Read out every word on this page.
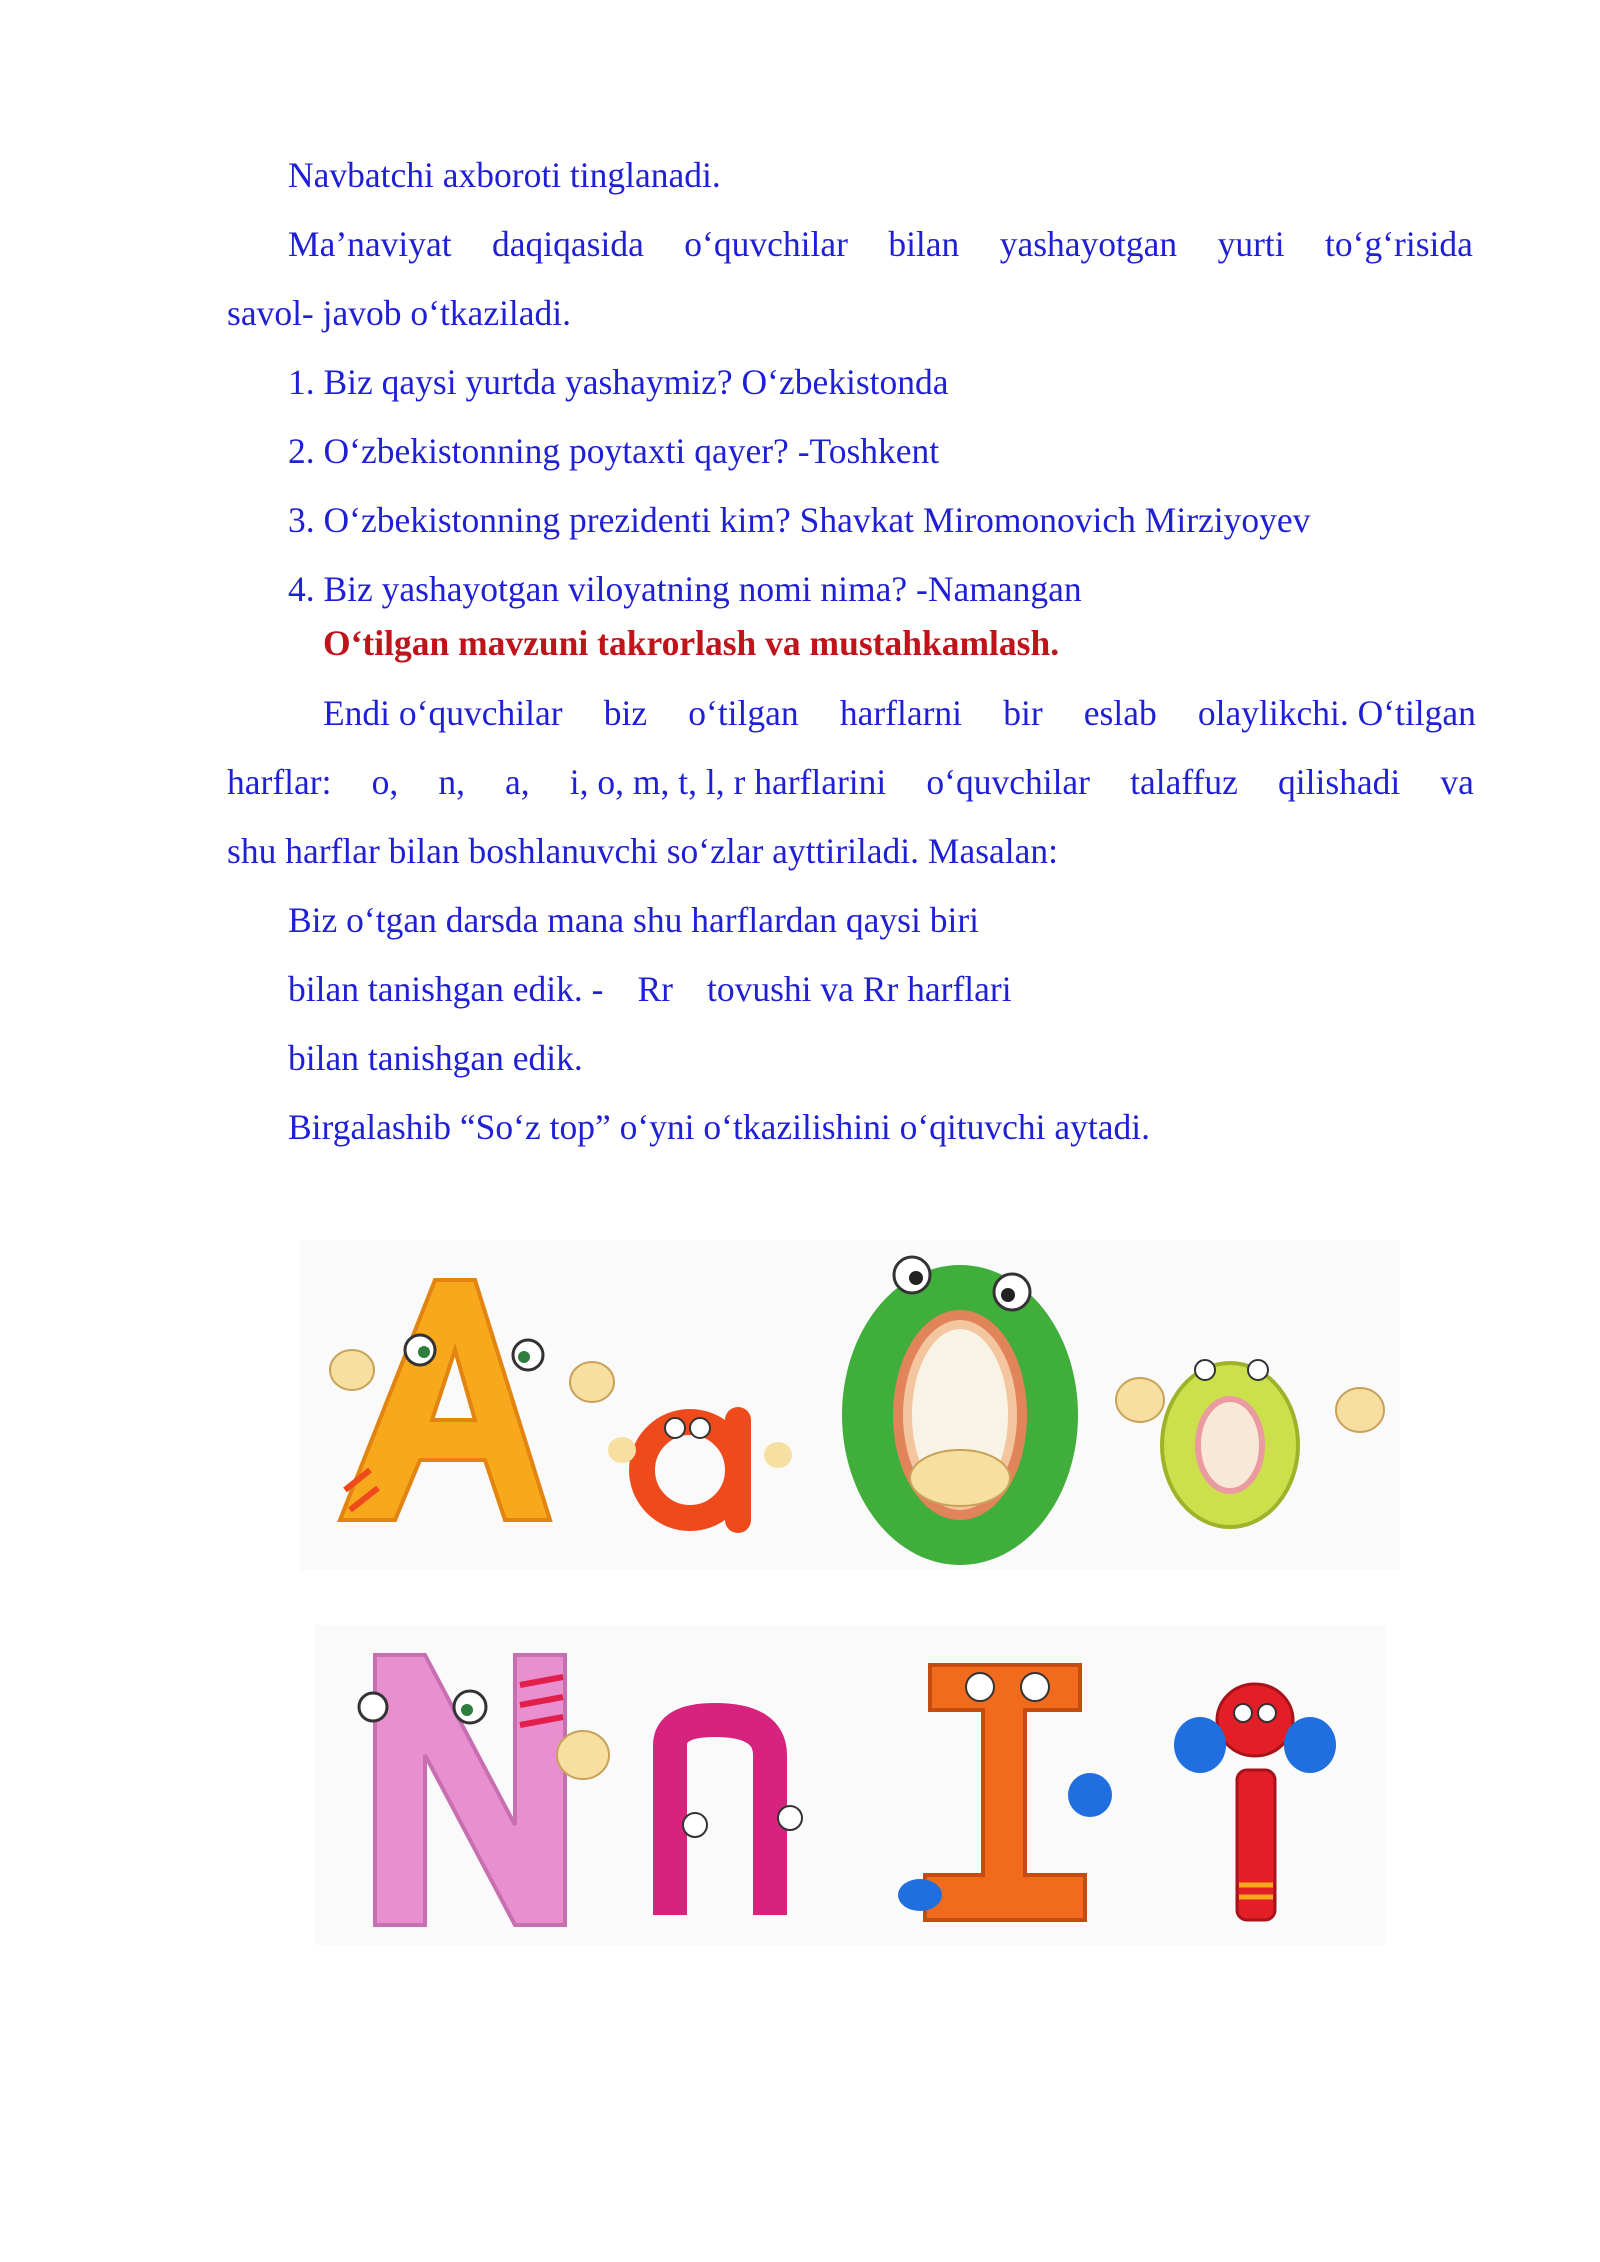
Navbatchi axboroti tinglanadi.
Ma’naviyat daqiqasida o‘quvchilar bilan yashayotgan yurti to‘g‘risida
savol- javob o‘tkaziladi.
1. Biz qaysi yurtda yashaymiz? O‘zbekistonda
2. O‘zbekistonning poytaxti qayer? -Toshkent
3. O‘zbekistonning prezidenti kim? Shavkat Miromonovich Mirziyoyev
4. Biz yashayotgan viloyatning nomi nima? -Namangan
O‘tilgan mavzuni takrorlash va mustahkamlash.
Endi o‘quvchilar biz o‘tilgan harflarni bir eslab olaylikchi. O‘tilgan
harflar: o, n, a, i, o, m, t, l, r harflarini o‘quvchilar talaffuz qilishadi va
shu harflar bilan boshlanuvchi so‘zlar ayttiriladi. Masalan:
Biz o‘tgan darsda mana shu harflardan qaysi biri
bilan tanishgan edik. - Rr tovushi va Rr harflari
bilan tanishgan edik.
Birgalashib “So‘z top” o‘yni o‘tkazilishini o‘qituvchi aytadi.
